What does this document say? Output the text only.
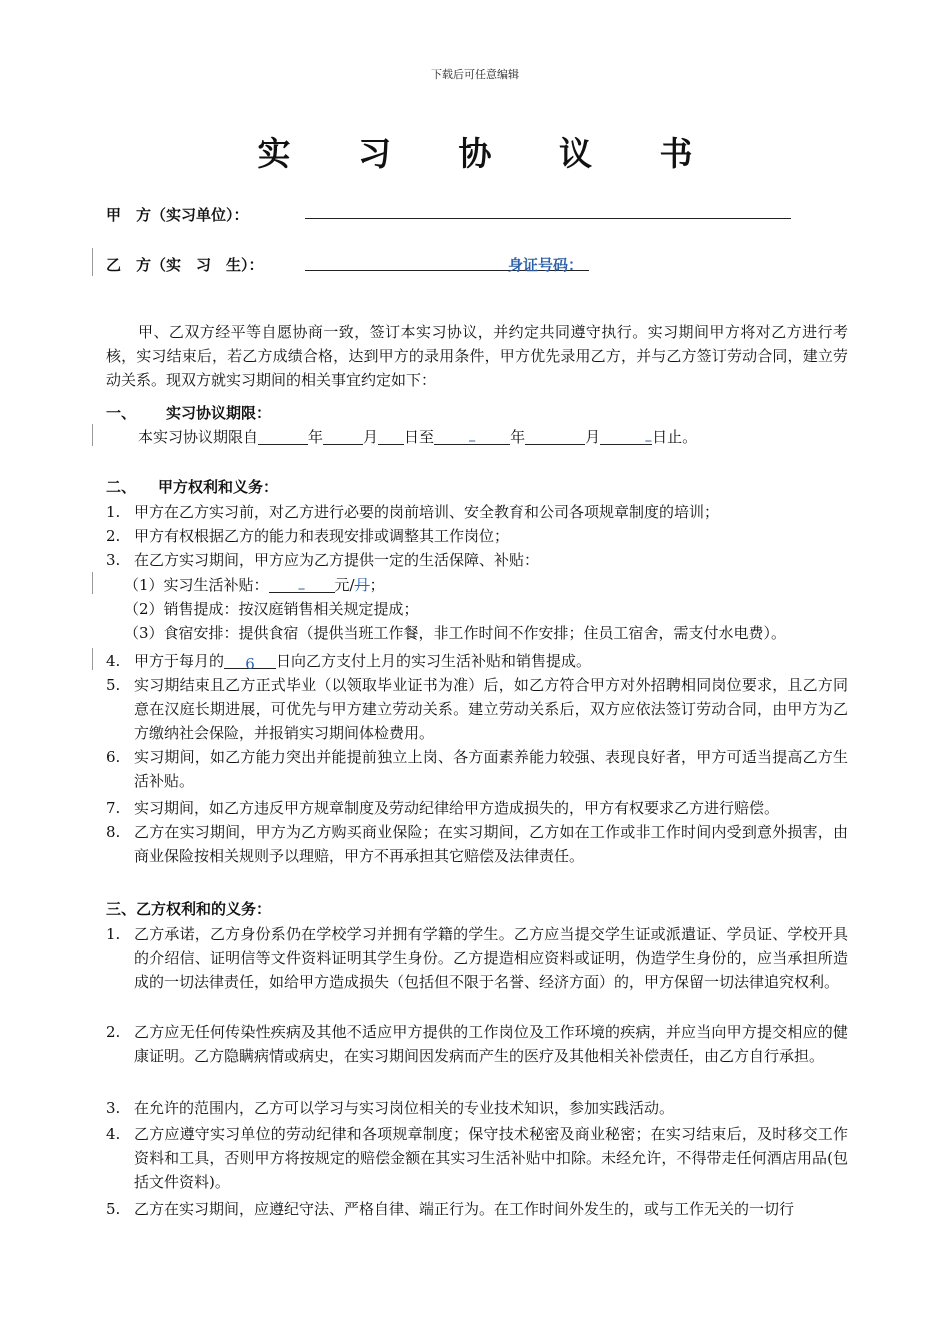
下载后可任意编辑
实 习 协 议 书
甲　方（实习单位）：
乙　方（实　习　生）：	身证号码：
甲、乙双方经平等自愿协商一致，签订本实习协议，并约定共同遵守执行。实习期间甲方将对乙方进行考核，实习结束后，若乙方成绩合格，达到甲方的录用条件，甲方优先录用乙方，并与乙方签订劳动合同，建立劳动关系。现双方就实习期间的相关事宜约定如下：
一、 实习协议期限：
本实习协议期限自	年	月 日至 – 年	月	–日止。
二、 甲方权利和义务：
1. 甲方在乙方实习前，对乙方进行必要的岗前培训、安全教育和公司各项规章制度的培训；
2. 甲方有权根据乙方的能力和表现安排或调整其工作岗位；
3. 在乙方实习期间，甲方应为乙方提供一定的生活保障、补贴：
（1）实习生活补贴： – 元/月；
（2）销售提成：按汉庭销售相关规定提成；
（3）食宿安排：提供食宿（提供当班工作餐，非工作时间不作安排；住员工宿舍，需支付水电费）。
4. 甲方于每月的 6 日向乙方支付上月的实习生活补贴和销售提成。
5. 实习期结束且乙方正式毕业（以领取毕业证书为准）后，如乙方符合甲方对外招聘相同岗位要求，且乙方同意在汉庭长期进展，可优先与甲方建立劳动关系。建立劳动关系后，双方应依法签订劳动合同，由甲方为乙方缴纳社会保险，并报销实习期间体检费用。
6. 实习期间，如乙方能力突出并能提前独立上岗、各方面素养能力较强、表现良好者，甲方可适当提高乙方生活补贴。
7. 实习期间，如乙方违反甲方规章制度及劳动纪律给甲方造成损失的，甲方有权要求乙方进行赔偿。
8. 乙方在实习期间，甲方为乙方购买商业保险；在实习期间，乙方如在工作或非工作时间内受到意外损害，由商业保险按相关规则予以理赔，甲方不再承担其它赔偿及法律责任。
三、乙方权利和的义务：
1. 乙方承诺，乙方身份系仍在学校学习并拥有学籍的学生。乙方应当提交学生证或派遣证、学员证、学校开具的介绍信、证明信等文件资料证明其学生身份。乙方提造相应资料或证明，伪造学生身份的，应当承担所造成的一切法律责任，如给甲方造成损失（包括但不限于名誉、经济方面）的，甲方保留一切法律追究权利。
2. 乙方应无任何传染性疾病及其他不适应甲方提供的工作岗位及工作环境的疾病，并应当向甲方提交相应的健康证明。乙方隐瞒病情或病史，在实习期间因发病而产生的医疗及其他相关补偿责任，由乙方自行承担。
3. 在允许的范围内，乙方可以学习与实习岗位相关的专业技术知识，参加实践活动。
4. 乙方应遵守实习单位的劳动纪律和各项规章制度；保守技术秘密及商业秘密；在实习结束后，及时移交工作资料和工具，否则甲方将按规定的赔偿金额在其实习生活补贴中扣除。未经允许，不得带走任何酒店用品(包括文件资料)。
5. 乙方在实习期间，应遵纪守法、严格自律、端正行为。在工作时间外发生的，或与工作无关的一切行
